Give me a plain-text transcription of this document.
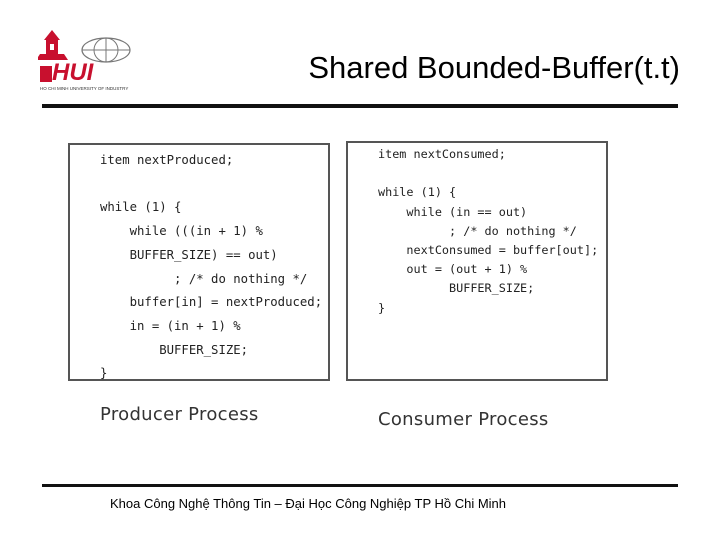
HUI
HO CHI MINH UNIVERSITY OF INDUSTRY
Shared Bounded-Buffer(t.t)
item nextProduced;

while (1) {
while (((in + 1) %
BUFFER_SIZE) == out)
; /* do nothing */
buffer[in] = nextProduced;
in = (in + 1) %
BUFFER_SIZE;
}
item nextConsumed;

while (1) {
while (in == out)
; /* do nothing */
nextConsumed = buffer[out];
out = (out + 1) %
BUFFER_SIZE;
}
Producer Process	Consumer Process
Khoa Công Nghệ Thông Tin – Đại Học Công Nghiệp TP Hồ Chi Minh
